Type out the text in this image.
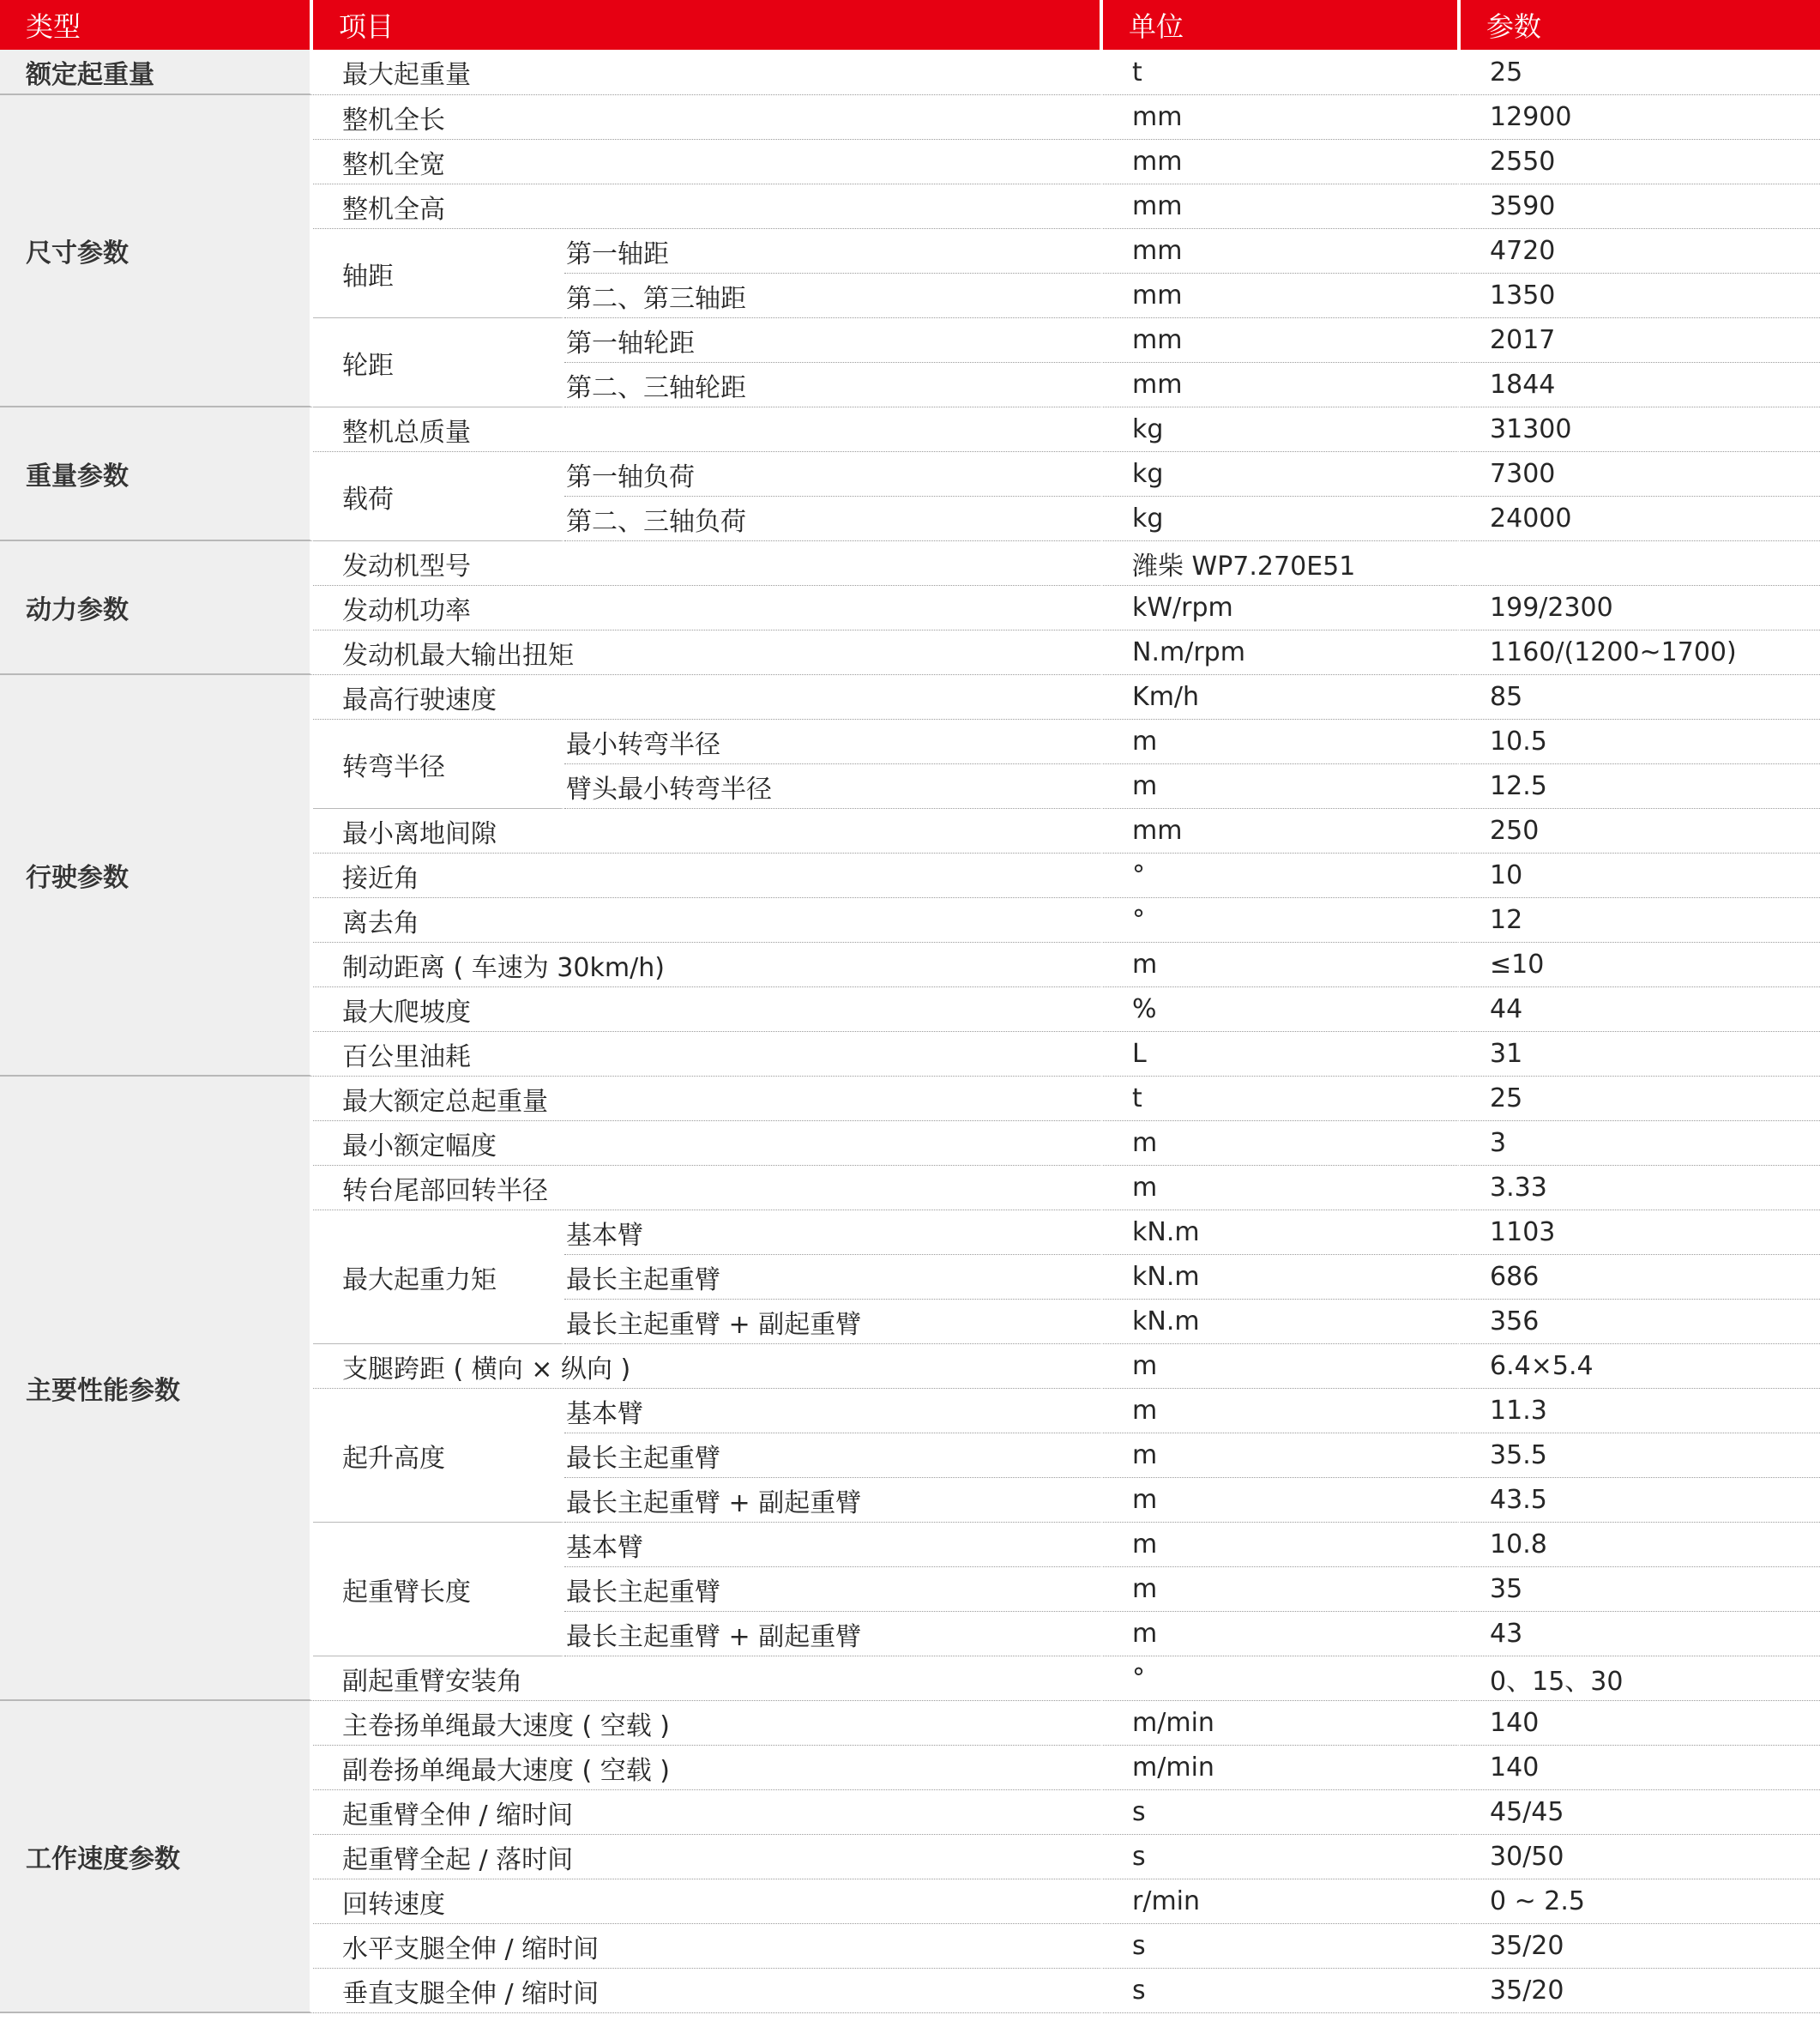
类型	项目		单位	参数
额定起重量	最大起重量		t	25
尺寸参数	整机全长		mm	12900
	整机全宽		mm	2550
	整机全高		mm	3590
	轴距	第一轴距	mm	4720
		第二、第三轴距	mm	1350
	轮距	第一轴轮距	mm	2017
		第二、三轴轮距	mm	1844
重量参数	整机总质量		kg	31300
	载荷	第一轴负荷	kg	7300
		第二、三轴负荷	kg	24000
动力参数	发动机型号		潍柴 WP7.270E51	
	发动机功率		kW/rpm	199/2300
	发动机最大输出扭矩		N.m/rpm	1160/(1200~1700)
行驶参数	最高行驶速度		Km/h	85
	转弯半径	最小转弯半径	m	10.5
		臂头最小转弯半径	m	12.5
	最小离地间隙		mm	250
	接近角		°	10
	离去角		°	12
	制动距离 ( 车速为 30km/h)		m	≤10
	最大爬坡度		%	44
	百公里油耗		L	31
主要性能参数	最大额定总起重量		t	25
	最小额定幅度		m	3
	转台尾部回转半径		m	3.33
	最大起重力矩	基本臂	kN.m	1103
		最长主起重臂	kN.m	686
		最长主起重臂 + 副起重臂	kN.m	356
	支腿跨距 ( 横向 × 纵向 )		m	6.4×5.4
	起升高度	基本臂	m	11.3
		最长主起重臂	m	35.5
		最长主起重臂 + 副起重臂	m	43.5
	起重臂长度	基本臂	m	10.8
		最长主起重臂	m	35
		最长主起重臂 + 副起重臂	m	43
	副起重臂安装角		°	0、15、30
工作速度参数	主卷扬单绳最大速度 ( 空载 )		m/min	140
	副卷扬单绳最大速度 ( 空载 )		m/min	140
	起重臂全伸 / 缩时间		s	45/45
	起重臂全起 / 落时间		s	30/50
	回转速度		r/min	0 ~ 2.5
	水平支腿全伸 / 缩时间		s	35/20
	垂直支腿全伸 / 缩时间		s	35/20
